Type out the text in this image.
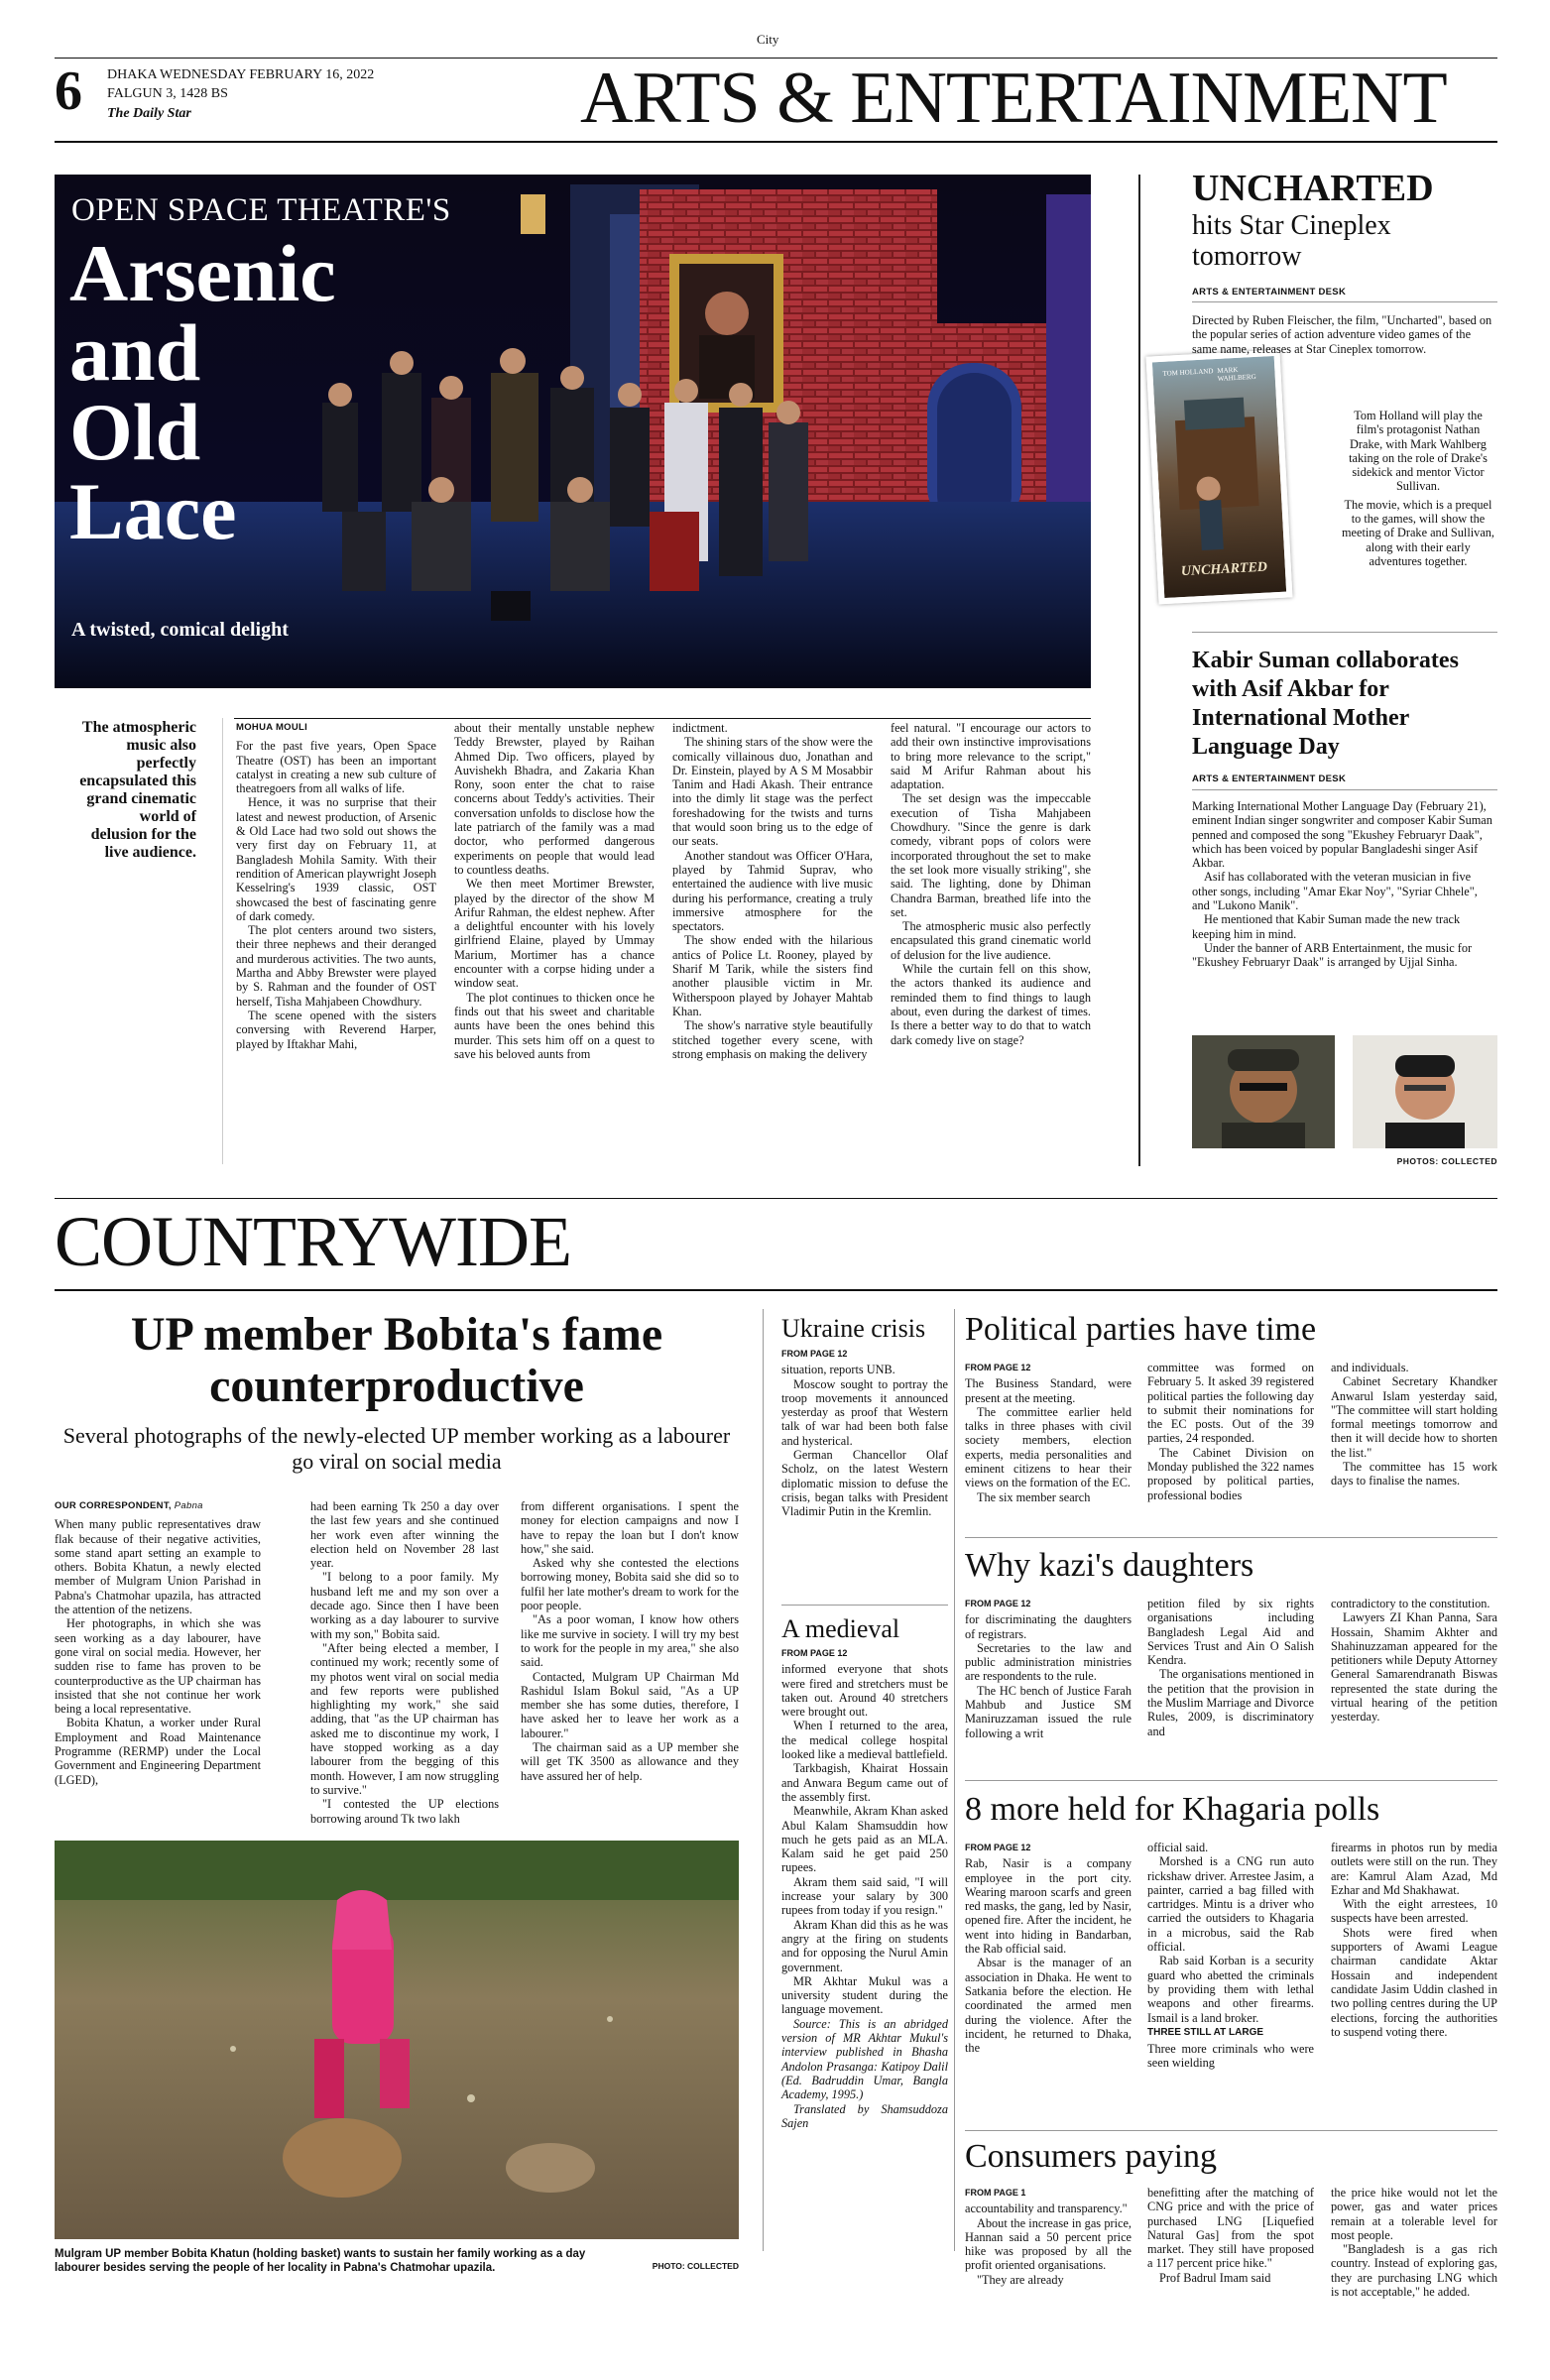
City
6 DHAKA WEDNESDAY FEBRUARY 16, 2022
FALGUN 3, 1428 BS
The Daily Star	ARTS & ENTERTAINMENT
OPEN SPACE THEATRE'S
Arsenic
and
Old
Lace
A twisted, comical delight
The atmospheric music also perfectly encapsulated this grand cinematic world of delusion for the live audience.
MOHUA MOULI

For the past five years, Open Space Theatre (OST) has been an important catalyst in creating a new sub culture of theatregoers from all walks of life.

Hence, it was no surprise that their latest and newest production, of Arsenic & Old Lace had two sold out shows the very first day on February 11, at Bangladesh Mohila Samity. With their rendition of American playwright Joseph Kesselring's 1939 classic, OST showcased the best of fascinating genre of dark comedy.

The plot centers around two sisters, their three nephews and their deranged and murderous activities. The two aunts, Martha and Abby Brewster were played by S. Rahman and the founder of OST herself, Tisha Mahjabeen Chowdhury.

The scene opened with the sisters conversing with Reverend Harper, played by Iftakhar Mahi,

about their mentally unstable nephew Teddy Brewster, played by Raihan Ahmed Dip. Two officers, played by Auvishekh Bhadra, and Zakaria Khan Rony, soon enter the chat to raise concerns about Teddy's activities. Their conversation unfolds to disclose how the late patriarch of the family was a mad doctor, who performed dangerous experiments on people that would lead to countless deaths.

We then meet Mortimer Brewster, played by the director of the show M Arifur Rahman, the eldest nephew. After a delightful encounter with his lovely girlfriend Elaine, played by Ummay Marium, Mortimer has a chance encounter with a corpse hiding under a window seat.

The plot continues to thicken once he finds out that his sweet and charitable aunts have been the ones behind this murder. This sets him off on a quest to save his beloved aunts from

indictment.

The shining stars of the show were the comically villainous duo, Jonathan and Dr. Einstein, played by A S M Mosabbir Tanim and Hadi Akash. Their entrance into the dimly lit stage was the perfect foreshadowing for the twists and turns that would soon bring us to the edge of our seats.

Another standout was Officer O'Hara, played by Tahmid Suprav, who entertained the audience with live music during his performance, creating a truly immersive atmosphere for the spectators.

The show ended with the hilarious antics of Police Lt. Rooney, played by Sharif M Tarik, while the sisters find another plausible victim in Mr. Witherspoon played by Johayer Mahtab Khan.

The show's narrative style beautifully stitched together every scene, with strong emphasis on making the delivery

feel natural. "I encourage our actors to add their own instinctive improvisations to bring more relevance to the script," said M Arifur Rahman about his adaptation.

The set design was the impeccable execution of Tisha Mahjabeen Chowdhury. "Since the genre is dark comedy, vibrant pops of colors were incorporated throughout the set to make the set look more visually striking", she said. The lighting, done by Dhiman Chandra Barman, breathed life into the set.

The atmospheric music also perfectly encapsulated this grand cinematic world of delusion for the live audience.

While the curtain fell on this show, the actors thanked its audience and reminded them to find things to laugh about, even during the darkest of times. Is there a better way to do that to watch dark comedy live on stage?

UNCHARTED
hits Star Cineplex tomorrow
ARTS & ENTERTAINMENT DESK
TOM HOLLAND MARK WAHLBERG
UNCHARTED

Directed by Ruben Fleischer, the film, "Uncharted", based on the popular series of action adventure video games of the same name, releases at Star Cineplex tomorrow.

Tom Holland will play the film's protagonist Nathan Drake, with Mark Wahlberg taking on the role of Drake's sidekick and mentor Victor Sullivan.

The movie, which is a prequel to the games, will show the meeting of Drake and Sullivan, along with their early adventures together.

Kabir Suman collaborates with Asif Akbar for International Mother Language Day
ARTS & ENTERTAINMENT DESK

Marking International Mother Language Day (February 21), eminent Indian singer songwriter and composer Kabir Suman penned and composed the song "Ekushey Februaryr Daak", which has been voiced by popular Bangladeshi singer Asif Akbar.

Asif has collaborated with the veteran musician in five other songs, including "Amar Ekar Noy", "Syriar Chhele", and "Lukono Manik".

He mentioned that Kabir Suman made the new track keeping him in mind.

Under the banner of ARB Entertainment, the music for "Ekushey Februaryr Daak" is arranged by Ujjal Sinha.

PHOTOS: COLLECTED
COUNTRYWIDE
UP member Bobita's fame counterproductive
Several photographs of the newly-elected UP member working as a labourer go viral on social media
OUR CORRESPONDENT, Pabna

When many public representatives draw flak because of their negative activities, some stand apart setting an example to others. Bobita Khatun, a newly elected member of Mulgram Union Parishad in Pabna's Chatmohar upazila, has attracted the attention of the netizens.

Her photographs, in which she was seen working as a day labourer, have gone viral on social media. However, her sudden rise to fame has proven to be counterproductive as the UP chairman has insisted that she not continue her work being a local representative.

Bobita Khatun, a worker under Rural Employment and Road Maintenance Programme (RERMP) under the Local Government and Engineering Department (LGED),

had been earning Tk 250 a day over the last few years and she continued her work even after winning the election held on November 28 last year.

"I belong to a poor family. My husband left me and my son over a decade ago. Since then I have been working as a day labourer to survive with my son," Bobita said.

"After being elected a member, I continued my work; recently some of my photos went viral on social media and few reports were published highlighting my work," she said adding, that "as the UP chairman has asked me to discontinue my work, I have stopped working as a day labourer from the begging of this month. However, I am now struggling to survive."

"I contested the UP elections borrowing around Tk two lakh

from different organisations. I spent the money for election campaigns and now I have to repay the loan but I don't know how," she said.

Asked why she contested the elections borrowing money, Bobita said she did so to fulfil her late mother's dream to work for the poor people.

"As a poor woman, I know how others like me survive in society. I will try my best to work for the people in my area," she also said.

Contacted, Mulgram UP Chairman Md Rashidul Islam Bokul said, "As a UP member she has some duties, therefore, I have asked her to leave her work as a labourer."

The chairman said as a UP member she will get TK 3500 as allowance and they have assured her of help.

Mulgram UP member Bobita Khatun (holding basket) wants to sustain her family working as a day labourer besides serving the people of her locality in Pabna's Chatmohar upazila.	PHOTO: COLLECTED
Ukraine crisis
FROM PAGE 12

situation, reports UNB.

Moscow sought to portray the troop movements it announced yesterday as proof that Western talk of war had been both false and hysterical.

German Chancellor Olaf Scholz, on the latest Western diplomatic mission to defuse the crisis, began talks with President Vladimir Putin in the Kremlin.

A medieval
FROM PAGE 12

informed everyone that shots were fired and stretchers must be taken out. Around 40 stretchers were brought out.

When I returned to the area, the medical college hospital looked like a medieval battlefield.

Tarkbagish, Khairat Hossain and Anwara Begum came out of the assembly first.

Meanwhile, Akram Khan asked Abul Kalam Shamsuddin how much he gets paid as an MLA. Kalam said he get paid 250 rupees.

Akram them said said, "I will increase your salary by 300 rupees from today if you resign."

Akram Khan did this as he was angry at the firing on students and for opposing the Nurul Amin government.

MR Akhtar Mukul was a university student during the language movement.

Source: This is an abridged version of MR Akhtar Mukul's interview published in Bhasha Andolon Prasanga: Katipoy Dalil (Ed. Badruddin Umar, Bangla Academy, 1995.)

Translated by Shamsuddoza Sajen

Political parties have time
FROM PAGE 12

The Business Standard, were present at the meeting.

The committee earlier held talks in three phases with civil society members, election experts, media personalities and eminent citizens to hear their views on the formation of the EC.

The six member search

committee was formed on February 5. It asked 39 registered political parties the following day to submit their nominations for the EC posts. Out of the 39 parties, 24 responded.

The Cabinet Division on Monday published the 322 names proposed by political parties, professional bodies

and individuals.

Cabinet Secretary Khandker Anwarul Islam yesterday said, "The committee will start holding formal meetings tomorrow and then it will decide how to shorten the list."

The committee has 15 work days to finalise the names.

Why kazi's daughters
FROM PAGE 12

for discriminating the daughters of registrars.

Secretaries to the law and public administration ministries are respondents to the rule.

The HC bench of Justice Farah Mahbub and Justice SM Maniruzzaman issued the rule following a writ

petition filed by six rights organisations including Bangladesh Legal Aid and Services Trust and Ain O Salish Kendra.

The organisations mentioned in the petition that the provision in the Muslim Marriage and Divorce Rules, 2009, is discriminatory and

contradictory to the constitution.

Lawyers ZI Khan Panna, Sara Hossain, Shamim Akhter and Shahinuzzaman appeared for the petitioners while Deputy Attorney General Samarendranath Biswas represented the state during the virtual hearing of the petition yesterday.

8 more held for Khagaria polls
FROM PAGE 12

Rab, Nasir is a company employee in the port city. Wearing maroon scarfs and green red masks, the gang, led by Nasir, opened fire. After the incident, he went into hiding in Bandarban, the Rab official said.

Absar is the manager of an association in Dhaka. He went to Satkania before the election. He coordinated the armed men during the violence. After the incident, he returned to Dhaka, the

official said.

Morshed is a CNG run auto rickshaw driver. Arrestee Jasim, a painter, carried a bag filled with cartridges. Mintu is a driver who carried the outsiders to Khagaria in a microbus, said the Rab official.

Rab said Korban is a security guard who abetted the criminals by providing them with lethal weapons and other firearms. Ismail is a land broker.

THREE STILL AT LARGE

Three more criminals who were seen wielding

firearms in photos run by media outlets were still on the run. They are: Kamrul Alam Azad, Md Ezhar and Md Shakhawat.

With the eight arrestees, 10 suspects have been arrested.

Shots were fired when supporters of Awami League chairman candidate Aktar Hossain and independent candidate Jasim Uddin clashed in two polling centres during the UP elections, forcing the authorities to suspend voting there.

Consumers paying
FROM PAGE 1

accountability and transparency."

About the increase in gas price, Hannan said a 50 percent price hike was proposed by all the profit oriented organisations.

"They are already

benefitting after the matching of CNG price and with the price of purchased LNG [Liquefied Natural Gas] from the spot market. They still have proposed a 117 percent price hike."

Prof Badrul Imam said

the price hike would not let the power, gas and water prices remain at a tolerable level for most people.

"Bangladesh is a gas rich country. Instead of exploring gas, they are purchasing LNG which is not acceptable," he added.
